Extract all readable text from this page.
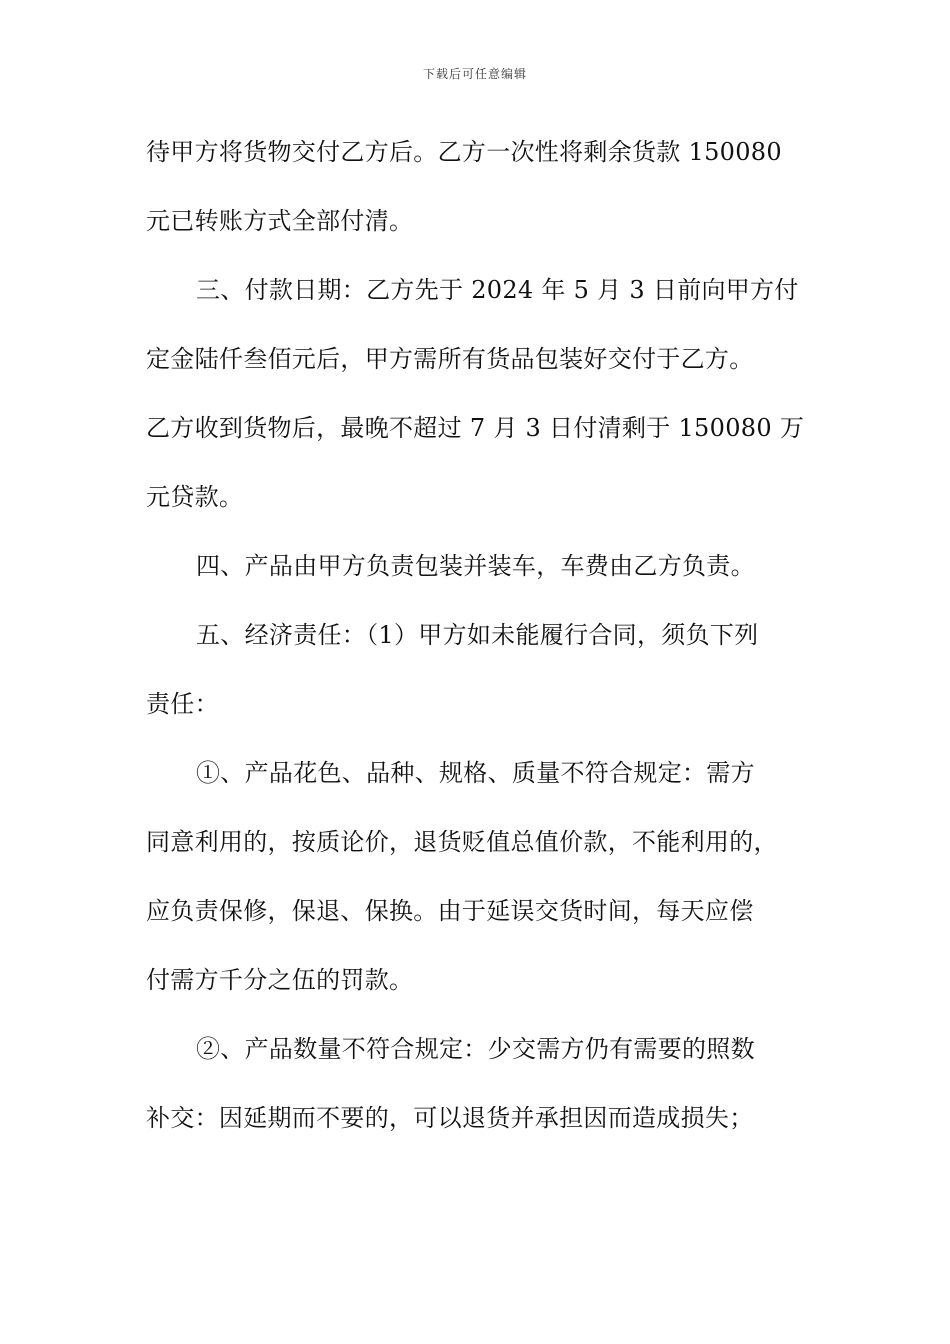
下载后可任意编辑
待甲方将货物交付乙方后。乙方一次性将剩余货款 150080
元已转账方式全部付清。
三、付款日期：乙方先于 2024 年 5 月 3 日前向甲方付
定金陆仟叁佰元后，甲方需所有货品包装好交付于乙方。
乙方收到货物后，最晚不超过 7 月 3 日付清剩于 150080 万
元贷款。
四、产品由甲方负责包装并装车，车费由乙方负责。
五、经济责任：（1）甲方如未能履行合同，须负下列
责任：
①、产品花色、品种、规格、质量不符合规定：需方
同意利用的，按质论价，退货贬值总值价款，不能利用的，
应负责保修，保退、保换。由于延误交货时间，每天应偿
付需方千分之伍的罚款。
②、产品数量不符合规定：少交需方仍有需要的照数
补交：因延期而不要的，可以退货并承担因而造成损失；
